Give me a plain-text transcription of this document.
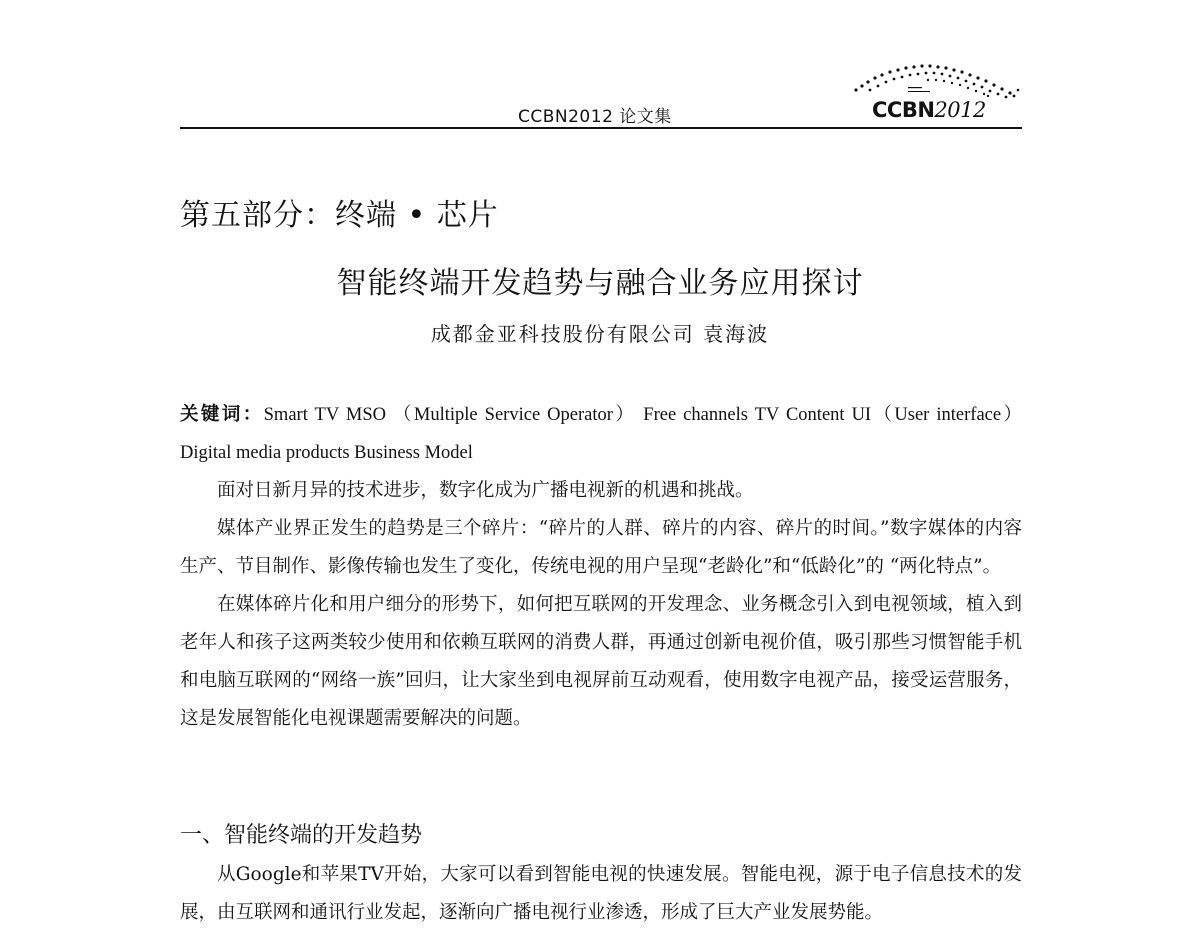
CCBN2012 论文集	CCBN2012
第五部分：终端 • 芯片
智能终端开发趋势与融合业务应用探讨
成都金亚科技股份有限公司 袁海波

关键词：Smart TV MSO （Multiple Service Operator） Free channels TV Content UI（User interface） Digital media products Business Model

面对日新月异的技术进步，数字化成为广播电视新的机遇和挑战。

媒体产业界正发生的趋势是三个碎片：“碎片的人群、碎片的内容、碎片的时间。”数字媒体的内容生产、节目制作、影像传输也发生了变化，传统电视的用户呈现“老龄化”和“低龄化”的 “两化特点”。

在媒体碎片化和用户细分的形势下，如何把互联网的开发理念、业务概念引入到电视领域，植入到老年人和孩子这两类较少使用和依赖互联网的消费人群，再通过创新电视价值，吸引那些习惯智能手机和电脑互联网的“网络一族”回归，让大家坐到电视屏前互动观看，使用数字电视产品，接受运营服务，这是发展智能化电视课题需要解决的问题。

一、智能终端的开发趋势

从Google和苹果TV开始，大家可以看到智能电视的快速发展。智能电视，源于电子信息技术的发展，由互联网和通讯行业发起，逐渐向广播电视行业渗透，形成了巨大产业发展势能。
